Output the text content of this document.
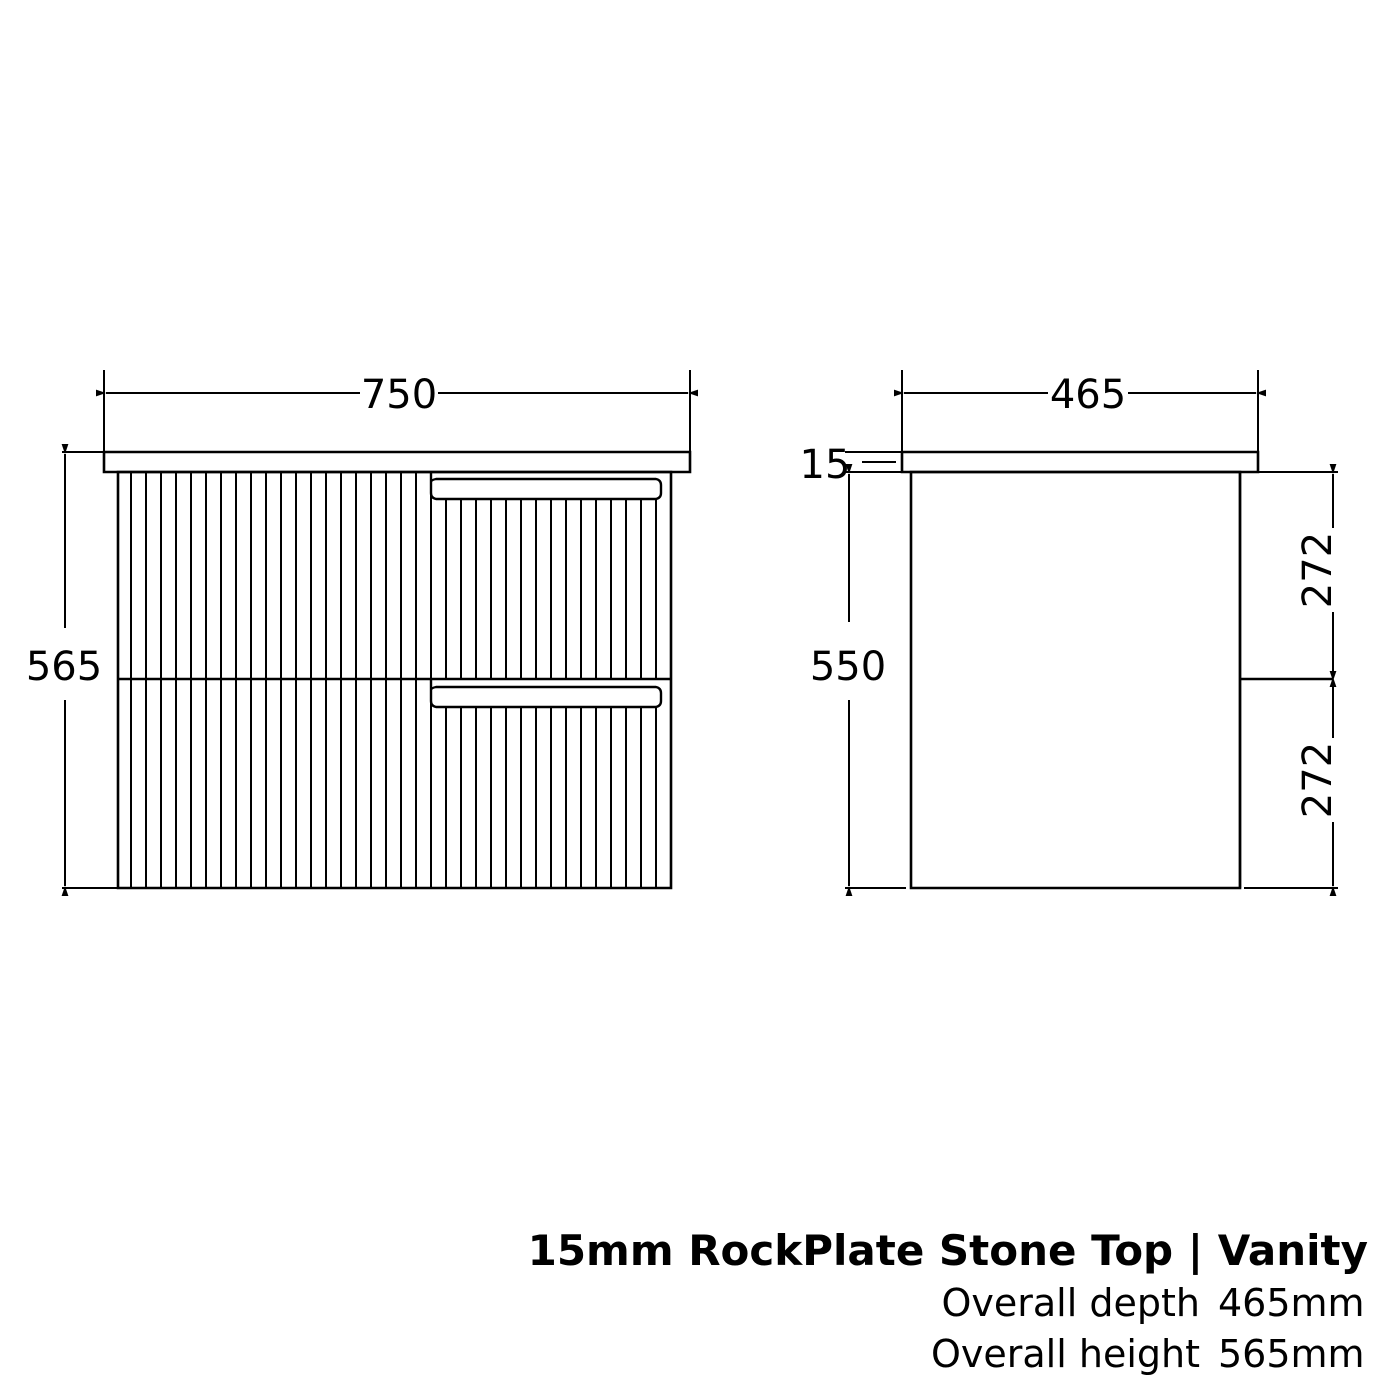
750
565
465
15
550
272
272
15mm RockPlate Stone Top | Vanity
Overall depth 465mm
Overall height 565mm
